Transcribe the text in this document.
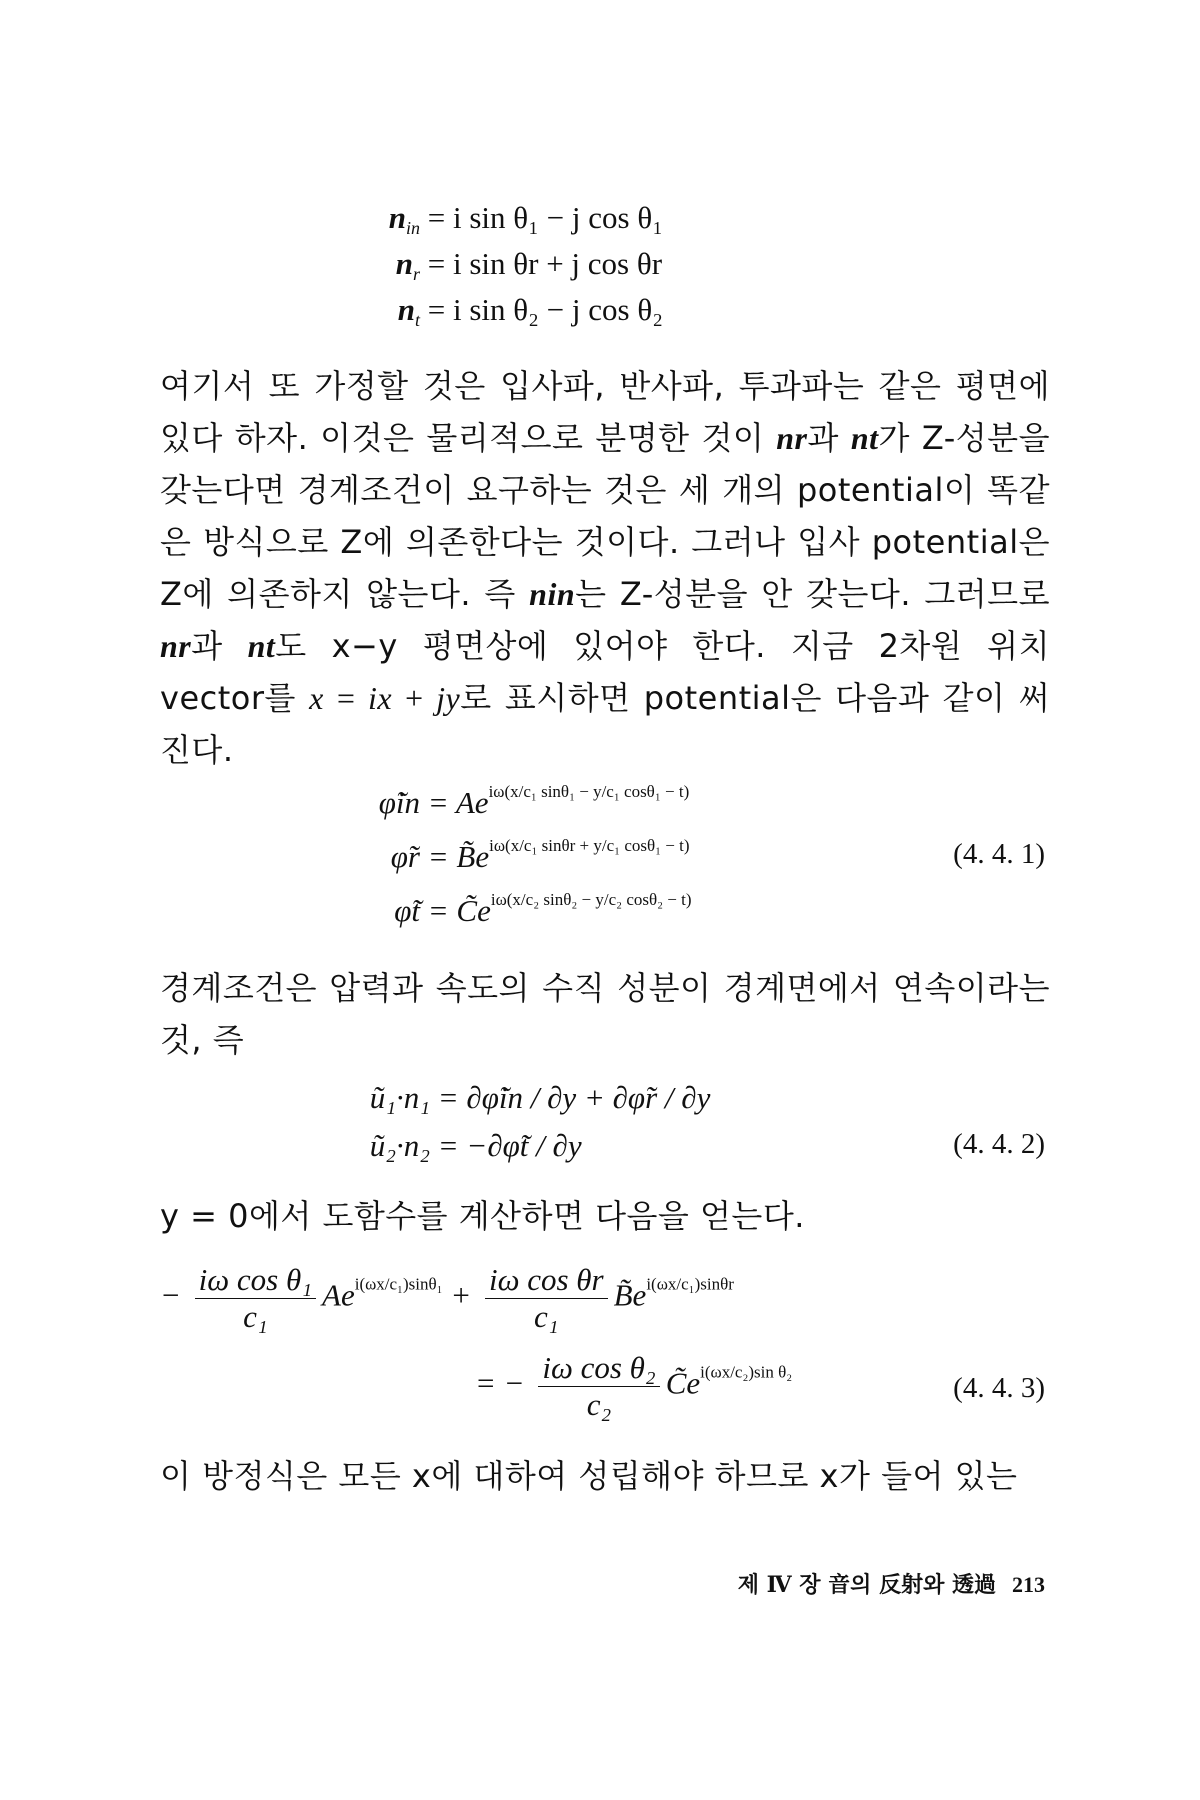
$n_{in} = i$ sin θ₁ − j cos θ₁
$n_r = i$ sin θr + j cos θr
$n_t = i$ sin θ₂ − j cos θ₂

여기서 또 가정할 것은 입사파, 반사파, 투과파는 같은 평면에 있다 하자. 이것은 물리적으로 분명한 것이 nr과 nt가 Z-성분을 갖는다면 경계조건이 요구하는 것은 세 개의 potential이 똑같은 방식으로 Z에 의존한다는 것이다. 그러나 입사 potential은 Z에 의존하지 않는다. 즉 nin는 Z-성분을 안 갖는다. 그러므로 nr과 nt도 x−y 평면상에 있어야 한다. 지금 2차원 위치 vector를 x = ix + jy로 표시하면 potential은 다음과 같이 써진다.

φ̃in = $Ae^{i\omega(x/c_1 sin\theta_1 - y/c_1 cos\theta_1 - t)}$
φ̃r = $B̃e^{i\omega(x/c_1 sin\theta r + y/c_1 cos\theta_1 - t)}$
φ̃t = $C̃e^{i\omega(x/c_2 sin\theta_2 - y/c_2 cos\theta_2 - t)}$
(4. 4. 1)

경계조건은 압력과 속도의 수직 성분이 경계면에서 연속이라는 것, 즉

ũ₁·n₁ = ∂φ̃in / ∂y + ∂φ̃r / ∂y
ũ₂·n₂ = −∂φ̃t / ∂y	(4. 4. 2)

y = 0에서 도함수를 계산하면 다음을 얻는다.

− $\frac{\text{iω cos θ₁}}{\text{c₁}} Ae^{i(\omega x/c_1)sin\theta_1} + \frac{\text{iω cos θr}}{\text{c₁}}$ $B̃e^{i(\omega x/c_1)sin\theta r}$
= − $\frac{\text{iω cos θ₂}}{\text{c₂}}$ $C̃e^{i(\omega x/c_2)sin \theta_2}$	(4. 4. 3)

이 방정식은 모든 x에 대하여 성립해야 하므로 x가 들어 있는

제 Ⅳ 장 音의 反射와 透過 213
